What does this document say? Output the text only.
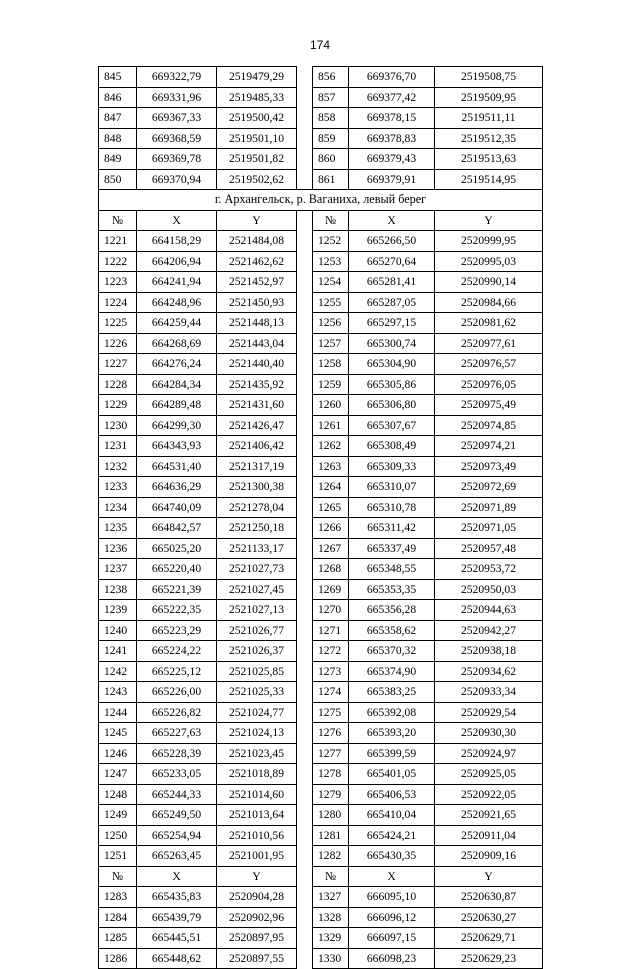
174
845	669322,79	2519479,29		856	669376,70	2519508,75
846	669331,96	2519485,33		857	669377,42	2519509,95
847	669367,33	2519500,42		858	669378,15	2519511,11
848	669368,59	2519501,10		859	669378,83	2519512,35
849	669369,78	2519501,82		860	669379,43	2519513,63
850	669370,94	2519502,62		861	669379,91	2519514,95
г. Архангельск, р. Ваганиха, левый берег						
№	X	Y		№	X	Y
1221	664158,29	2521484,08		1252	665266,50	2520999,95
1222	664206,94	2521462,62		1253	665270,64	2520995,03
1223	664241,94	2521452,97		1254	665281,41	2520990,14
1224	664248,96	2521450,93		1255	665287,05	2520984,66
1225	664259,44	2521448,13		1256	665297,15	2520981,62
1226	664268,69	2521443,04		1257	665300,74	2520977,61
1227	664276,24	2521440,40		1258	665304,90	2520976,57
1228	664284,34	2521435,92		1259	665305,86	2520976,05
1229	664289,48	2521431,60		1260	665306,80	2520975,49
1230	664299,30	2521426,47		1261	665307,67	2520974,85
1231	664343,93	2521406,42		1262	665308,49	2520974,21
1232	664531,40	2521317,19		1263	665309,33	2520973,49
1233	664636,29	2521300,38		1264	665310,07	2520972,69
1234	664740,09	2521278,04		1265	665310,78	2520971,89
1235	664842,57	2521250,18		1266	665311,42	2520971,05
1236	665025,20	2521133,17		1267	665337,49	2520957,48
1237	665220,40	2521027,73		1268	665348,55	2520953,72
1238	665221,39	2521027,45		1269	665353,35	2520950,03
1239	665222,35	2521027,13		1270	665356,28	2520944,63
1240	665223,29	2521026,77		1271	665358,62	2520942,27
1241	665224,22	2521026,37		1272	665370,32	2520938,18
1242	665225,12	2521025,85		1273	665374,90	2520934,62
1243	665226,00	2521025,33		1274	665383,25	2520933,34
1244	665226,82	2521024,77		1275	665392,08	2520929,54
1245	665227,63	2521024,13		1276	665393,20	2520930,30
1246	665228,39	2521023,45		1277	665399,59	2520924,97
1247	665233,05	2521018,89		1278	665401,05	2520925,05
1248	665244,33	2521014,60		1279	665406,53	2520922,05
1249	665249,50	2521013,64		1280	665410,04	2520921,65
1250	665254,94	2521010,56		1281	665424,21	2520911,04
1251	665263,45	2521001,95		1282	665430,35	2520909,16
№	X	Y		№	X	Y
1283	665435,83	2520904,28		1327	666095,10	2520630,87
1284	665439,79	2520902,96		1328	666096,12	2520630,27
1285	665445,51	2520897,95		1329	666097,15	2520629,71
1286	665448,62	2520897,55		1330	666098,23	2520629,23
